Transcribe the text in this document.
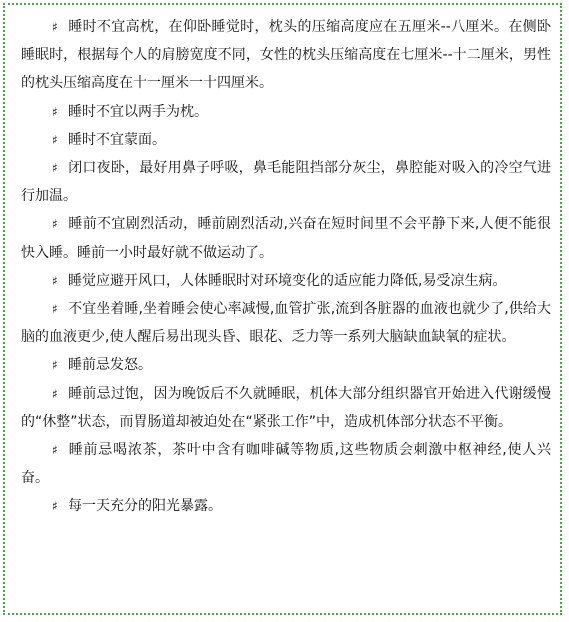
♯ 睡时不宜高枕，在仰卧睡觉时，枕头的压缩高度应在五厘米--八厘米。在侧卧睡眠时，根据每个人的肩膀宽度不同，女性的枕头压缩高度在七厘米--十二厘米，男性的枕头压缩高度在十一厘米一十四厘米。

♯ 睡时不宜以两手为枕。

♯ 睡时不宜蒙面。

♯ 闭口夜卧，最好用鼻子呼吸，鼻毛能阻挡部分灰尘，鼻腔能对吸入的冷空气进行加温。

♯ 睡前不宜剧烈活动，睡前剧烈活动,兴奋在短时间里不会平静下来,人便不能很快入睡。睡前一小时最好就不做运动了。

♯ 睡觉应避开风口，人体睡眠时对环境变化的适应能力降低,易受凉生病。

♯ 不宜坐着睡,坐着睡会使心率减慢,血管扩张,流到各脏器的血液也就少了,供给大脑的血液更少,使人醒后易出现头昏、眼花、乏力等一系列大脑缺血缺氧的症状。

♯ 睡前忌发怒。

♯ 睡前忌过饱，因为晚饭后不久就睡眠，机体大部分组织器官开始进入代谢缓慢的“休整”状态，而胃肠道却被迫处在“紧张工作”中，造成机体部分状态不平衡。

♯ 睡前忌喝浓茶，茶叶中含有咖啡碱等物质,这些物质会刺激中枢神经,使人兴奋。

♯ 每一天充分的阳光暴露。
